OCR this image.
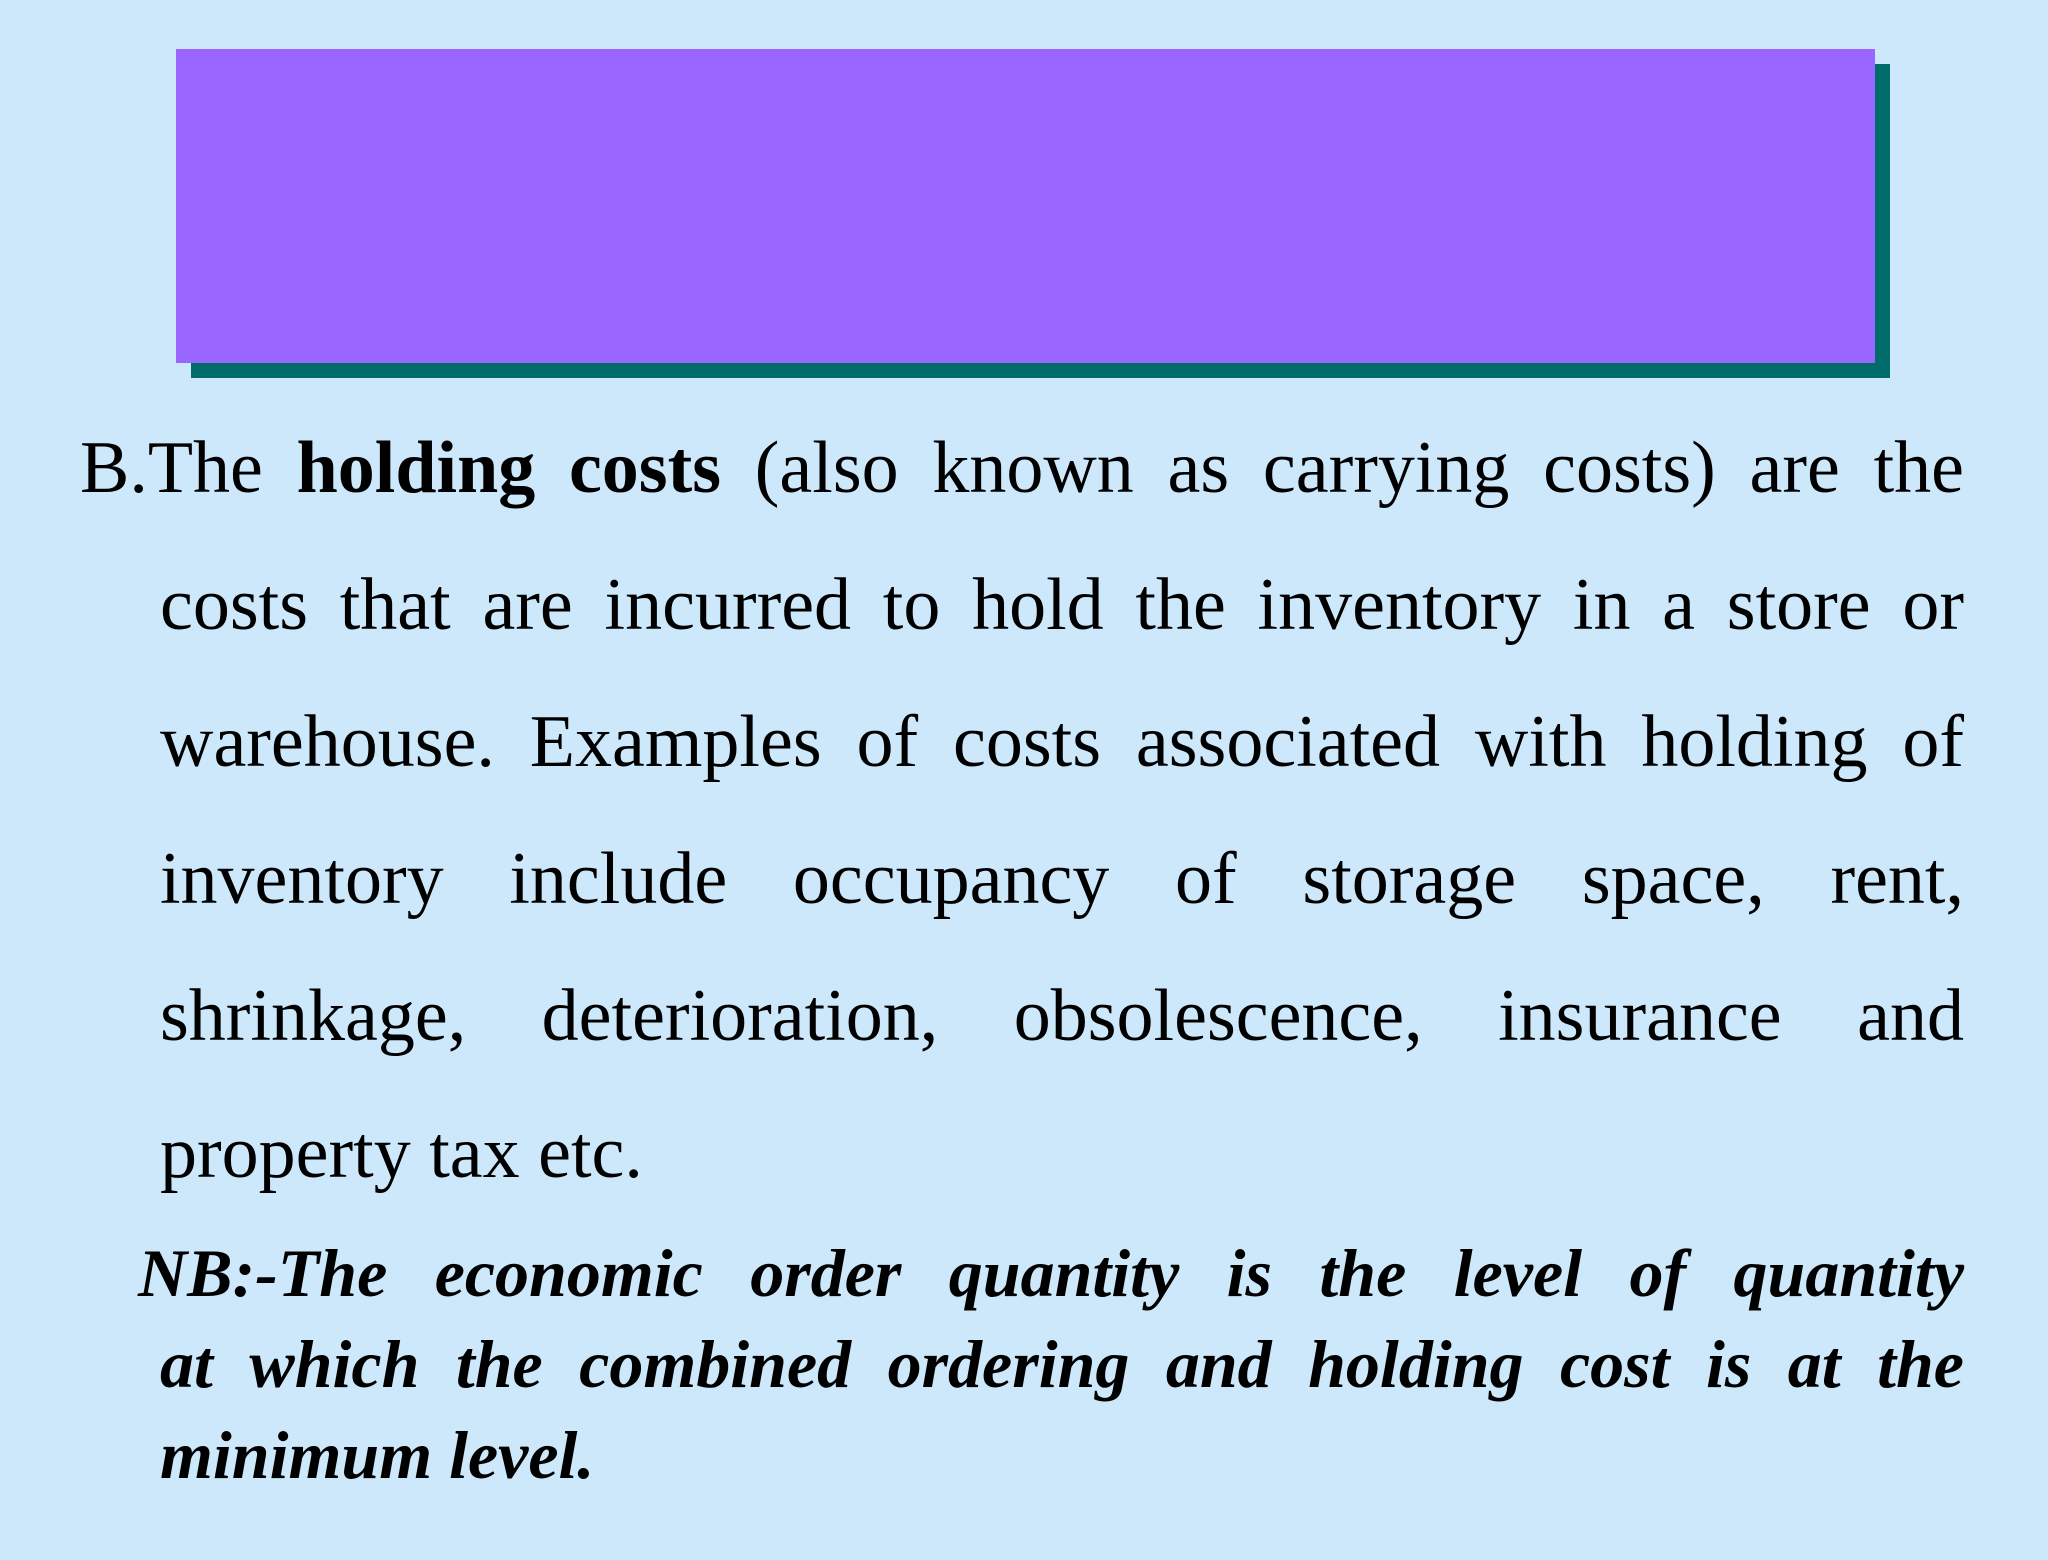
B.The holding costs (also known as carrying costs) are the
costs that are incurred to hold the inventory in a store or
warehouse. Examples of costs associated with holding of
inventory include occupancy of storage space, rent,
shrinkage, deterioration, obsolescence, insurance and
property tax etc.
NB:-The economic order quantity is the level of quantity
at which the combined ordering and holding cost is at the
minimum level.
